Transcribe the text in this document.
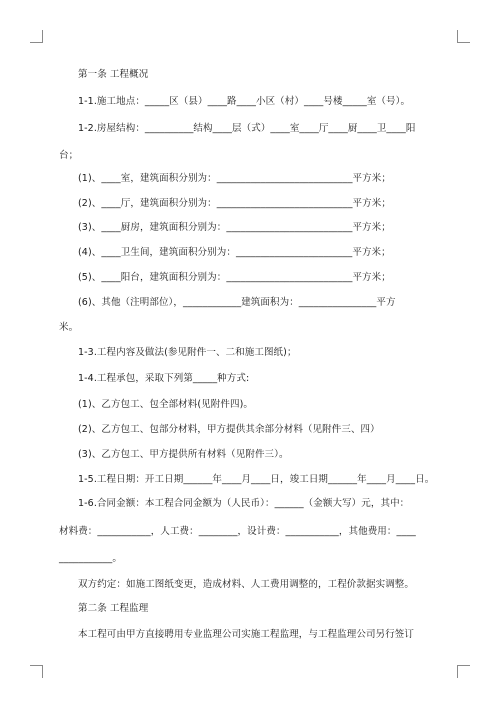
第一条 工程概况
1-1.施工地点：_____区（县）____路____小区（村）____号楼_____室（号）。
1-2.房屋结构：__________结构____层（式）____室____厅____厨____卫____阳
台；
(1)、____室，建筑面积分别为：____________________________平方米；
(2)、____厅，建筑面积分别为：____________________________平方米；
(3)、____厨房，建筑面积分别为：__________________________平方米；
(4)、____卫生间，建筑面积分别为：________________________平方米；
(5)、____阳台，建筑面积分别为：__________________________平方米；
(6)、其他（注明部位），____________建筑面积为：________________平方
米。
1-3.工程内容及做法(参见附件一、二和施工图纸)；
1-4.工程承包，采取下列第_____种方式:
(1)、乙方包工、包全部材料(见附件四)。
(2)、乙方包工、包部分材料，甲方提供其余部分材料（见附件三、四）
(3)、乙方包工、甲方提供所有材料（见附件三）。
1-5.工程日期：开工日期______年____月____日，竣工日期______年____月____日。
1-6.合同金额：本工程合同金额为（人民币）：______（金额大写）元，其中：
材料费：___________，人工费：________，设计费：___________，其他费用：____
___________。
双方约定：如施工图纸变更，造成材料、人工费用调整的，工程价款据实调整。
第二条 工程监理
本工程可由甲方直接聘用专业监理公司实施工程监理，与工程监理公司另行签订
